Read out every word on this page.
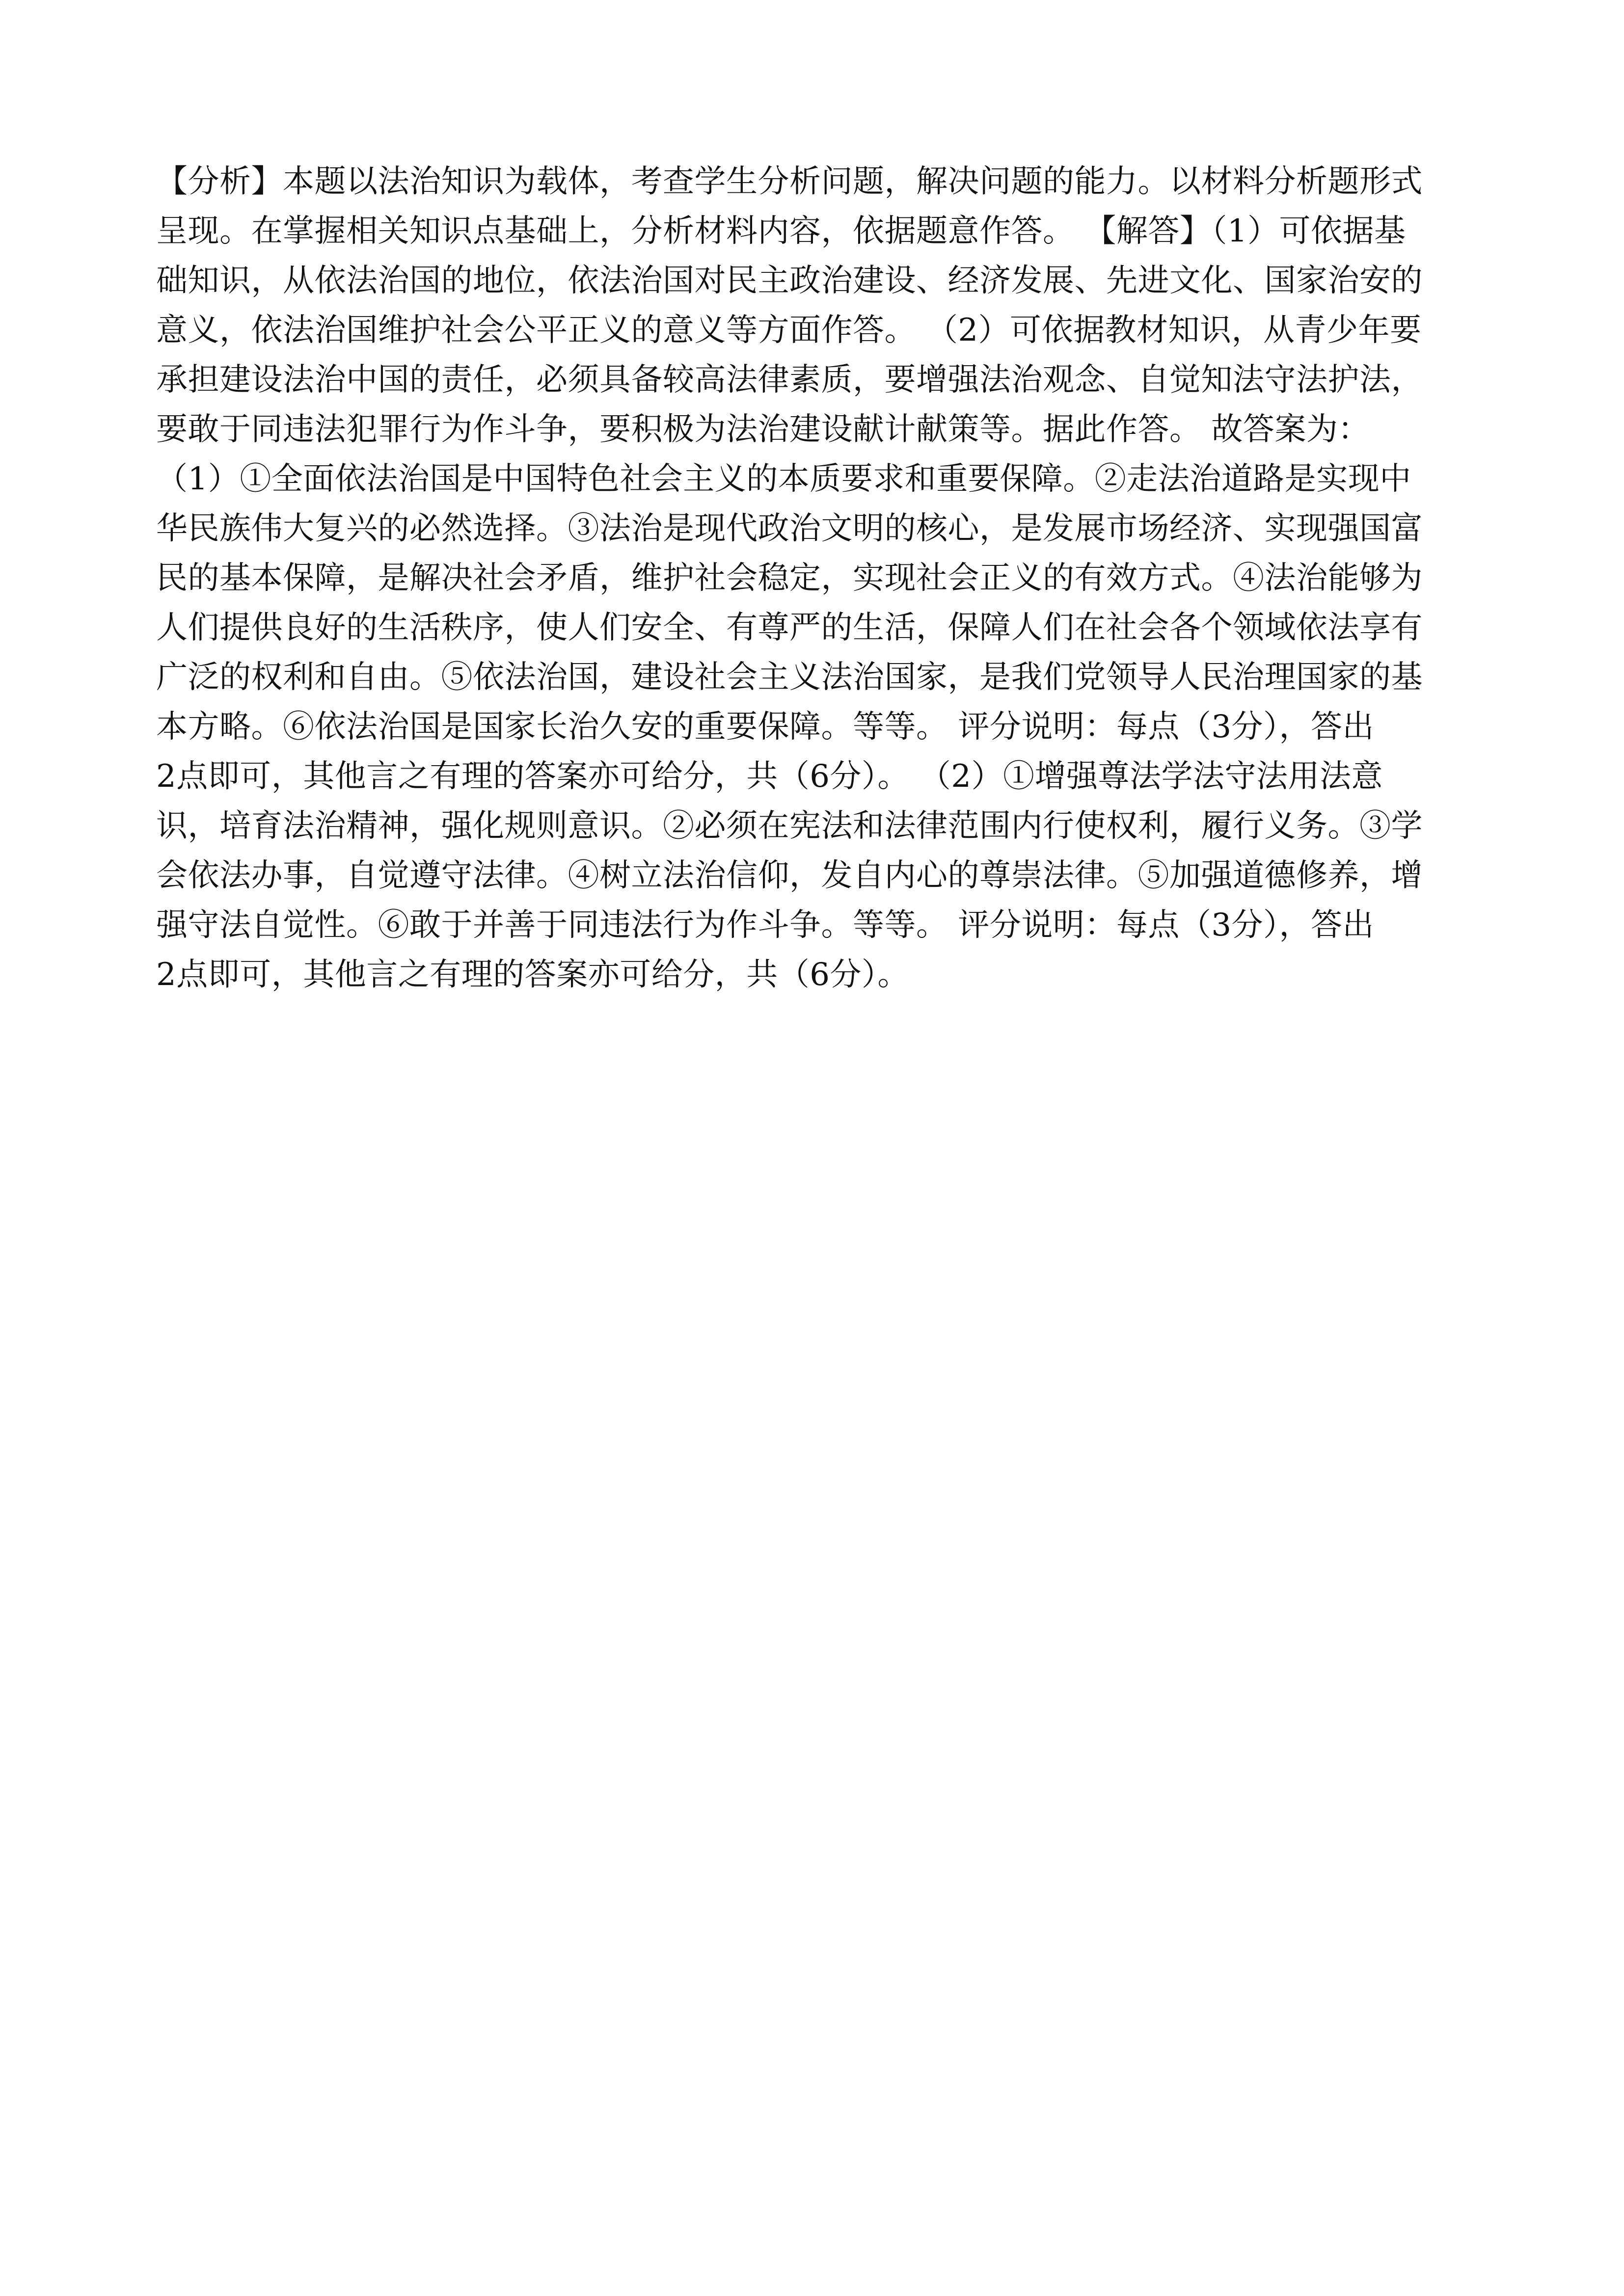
【分析】本题以法治知识为载体，考查学生分析问题，解决问题的能力。以材料分析题形式
呈现。在掌握相关知识点基础上，分析材料内容，依据题意作答。 【解答】（1）可依据基
础知识，从依法治国的地位，依法治国对民主政治建设、经济发展、先进文化、国家治安的
意义，依法治国维护社会公平正义的意义等方面作答。 （2）可依据教材知识，从青少年要
承担建设法治中国的责任，必须具备较高法律素质，要增强法治观念、自觉知法守法护法，
要敢于同违法犯罪行为作斗争，要积极为法治建设献计献策等。据此作答。 故答案为：
（1）①全面依法治国是中国特色社会主义的本质要求和重要保障。②走法治道路是实现中
华民族伟大复兴的必然选择。③法治是现代政治文明的核心，是发展市场经济、实现强国富
民的基本保障，是解决社会矛盾，维护社会稳定，实现社会正义的有效方式。④法治能够为
人们提供良好的生活秩序，使人们安全、有尊严的生活，保障人们在社会各个领域依法享有
广泛的权利和自由。⑤依法治国，建设社会主义法治国家，是我们党领导人民治理国家的基
本方略。⑥依法治国是国家长治久安的重要保障。等等。 评分说明：每点（3分），答出
2点即可，其他言之有理的答案亦可给分，共（6分）。 （2）①增强尊法学法守法用法意
识，培育法治精神，强化规则意识。②必须在宪法和法律范围内行使权利，履行义务。③学
会依法办事，自觉遵守法律。④树立法治信仰，发自内心的尊崇法律。⑤加强道德修养，增
强守法自觉性。⑥敢于并善于同违法行为作斗争。等等。 评分说明：每点（3分），答出
2点即可，其他言之有理的答案亦可给分，共（6分）。
